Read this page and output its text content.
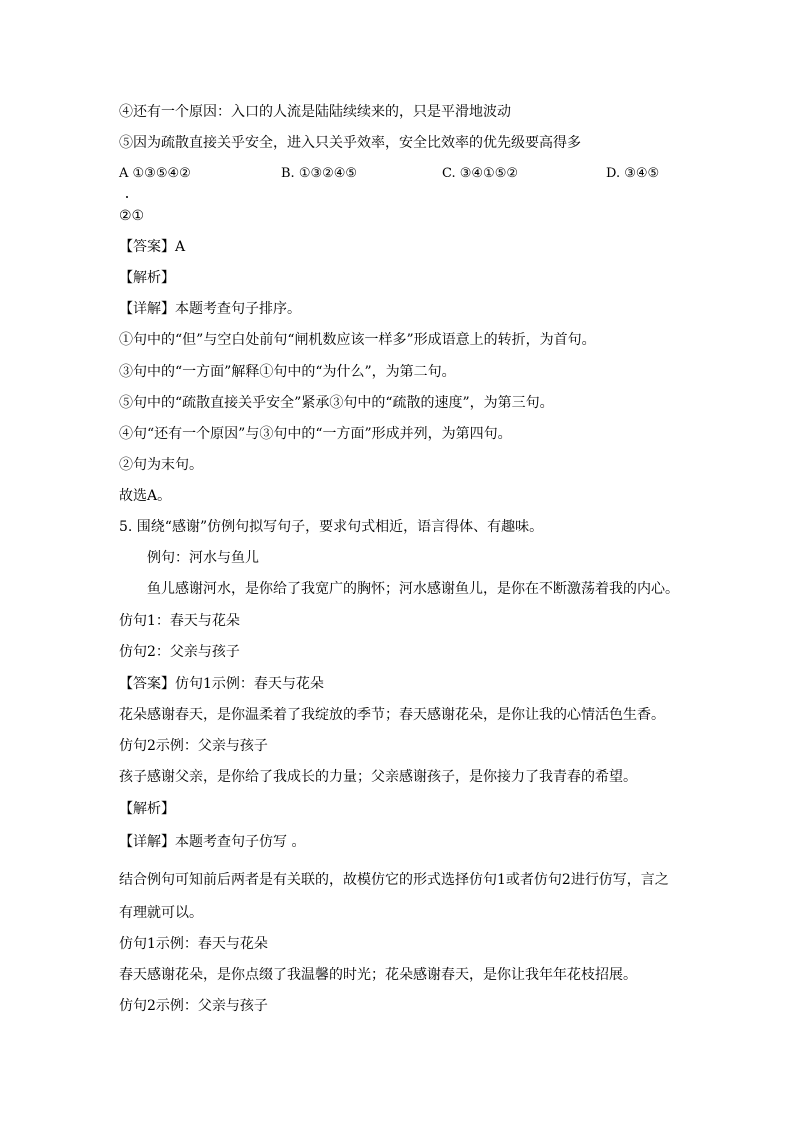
④还有一个原因：入口的人流是陆陆续续来的，只是平滑地波动
⑤因为疏散直接关乎安全，进入只关乎效率，安全比效率的优先级要高得多
A ①③⑤④②	B. ①③②④⑤	C. ③④①⑤②	D. ③④⑤
②①
【答案】A
【解析】
【详解】本题考查句子排序。
①句中的“但”与空白处前句“闸机数应该一样多”形成语意上的转折，为首句。
③句中的“一方面”解释①句中的“为什么”，为第二句。
⑤句中的“疏散直接关乎安全”紧承③句中的“疏散的速度”，为第三句。
④句“还有一个原因”与③句中的“一方面”形成并列，为第四句。
②句为末句。
故选A。
5. 围绕“感谢”仿例句拟写句子，要求句式相近，语言得体、有趣味。
例句：河水与鱼儿
鱼儿感谢河水，是你给了我宽广的胸怀；河水感谢鱼儿，是你在不断激荡着我的内心。
仿句1：春天与花朵
仿句2：父亲与孩子
【答案】仿句1示例：春天与花朵
花朵感谢春天，是你温柔着了我绽放的季节；春天感谢花朵，是你让我的心情活色生香。
仿句2示例：父亲与孩子
孩子感谢父亲，是你给了我成长的力量；父亲感谢孩子，是你接力了我青春的希望。
【解析】
【详解】本题考查句子仿写 。
结合例句可知前后两者是有关联的，故模仿它的形式选择仿句1或者仿句2进行仿写，言之
有理就可以。
仿句1示例：春天与花朵
春天感谢花朵，是你点缀了我温馨的时光；花朵感谢春天，是你让我年年花枝招展。
仿句2示例：父亲与孩子
